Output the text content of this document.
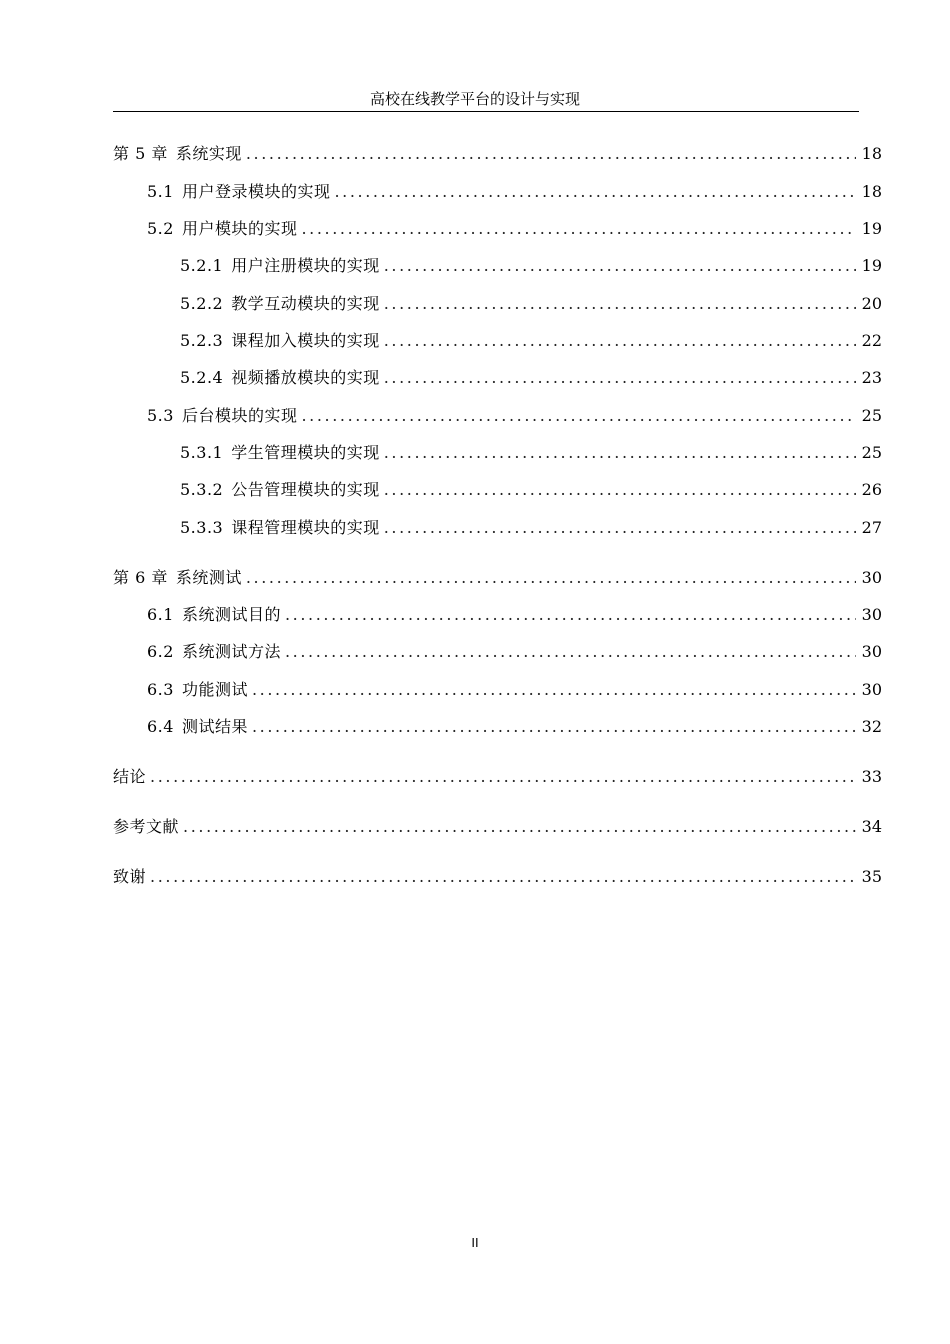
高校在线教学平台的设计与实现
第 5 章 系统实现 .....	18
5.1 用户登录模块的实现 .....	18
5.2 用户模块的实现 .....	19
5.2.1 用户注册模块的实现 .....	19
5.2.2 教学互动模块的实现 .....	20
5.2.3 课程加入模块的实现 .....	22
5.2.4 视频播放模块的实现 .....	23
5.3 后台模块的实现 .....	25
5.3.1 学生管理模块的实现 .....	25
5.3.2 公告管理模块的实现 .....	26
5.3.3 课程管理模块的实现 .....	27
第 6 章 系统测试 .....	30
6.1 系统测试目的 .....	30
6.2 系统测试方法 .....	30
6.3 功能测试 .....	30
6.4 测试结果 .....	32
结论 .....	33
参考文献 .....	34
致谢 .....	35
II
